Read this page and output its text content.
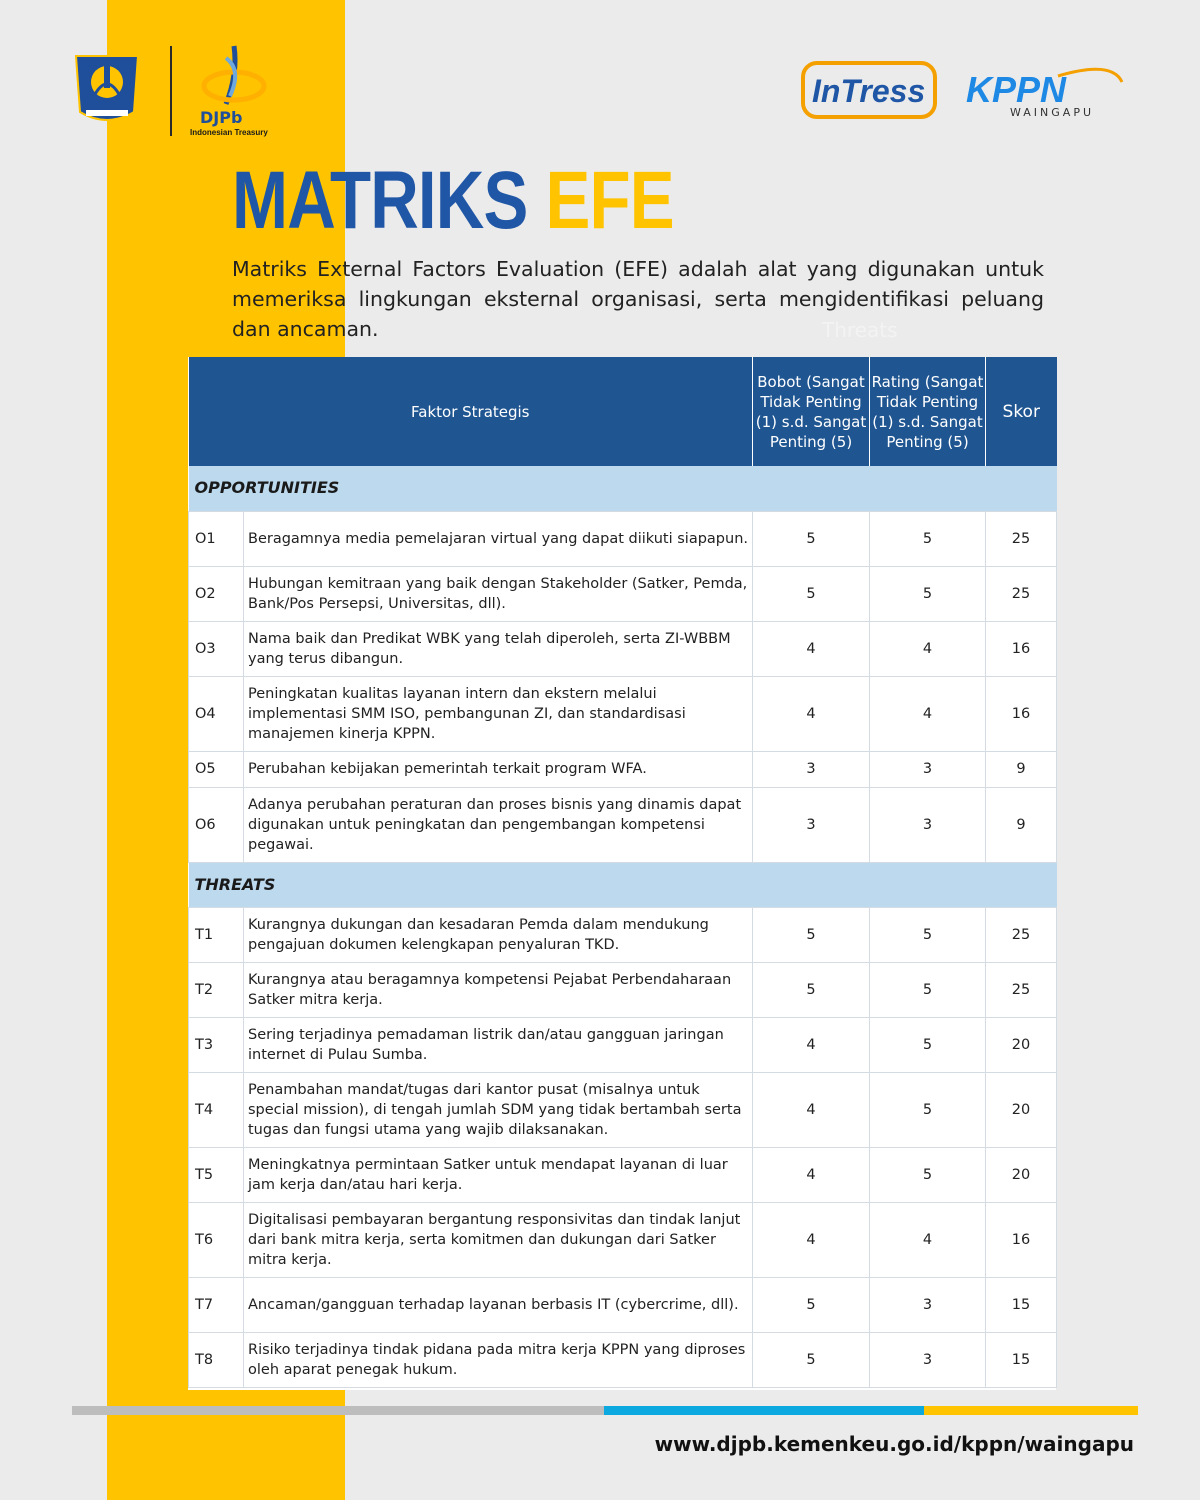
DJPb
Indonesian Treasury
InTress KPPN
WAINGAPU
MATRIKS EFE
Matriks External Factors Evaluation (EFE) adalah alat yang digunakan untuk memeriksa lingkungan eksternal organisasi, serta mengidentifikasi peluang dan ancaman.	Threats
Faktor Strategis		Bobot (Sangat Tidak Penting (1) s.d. Sangat Penting (5)	Rating (Sangat Tidak Penting (1) s.d. Sangat Penting (5)	Skor
OPPORTUNITIES				
O1	Beragamnya media pemelajaran virtual yang dapat diikuti siapapun.	5	5	25
O2	Hubungan kemitraan yang baik dengan Stakeholder (Satker, Pemda, Bank/Pos Persepsi, Universitas, dll).	5	5	25
O3	Nama baik dan Predikat WBK yang telah diperoleh, serta ZI-WBBM yang terus dibangun.	4	4	16
O4	Peningkatan kualitas layanan intern dan ekstern melalui implementasi SMM ISO, pembangunan ZI, dan standardisasi manajemen kinerja KPPN.	4	4	16
O5	Perubahan kebijakan pemerintah terkait program WFA.	3	3	9
O6	Adanya perubahan peraturan dan proses bisnis yang dinamis dapat digunakan untuk peningkatan dan pengembangan kompetensi pegawai.	3	3	9
THREATS				
T1	Kurangnya dukungan dan kesadaran Pemda dalam mendukung pengajuan dokumen kelengkapan penyaluran TKD.	5	5	25
T2	Kurangnya atau beragamnya kompetensi Pejabat Perbendaharaan Satker mitra kerja.	5	5	25
T3	Sering terjadinya pemadaman listrik dan/atau gangguan jaringan internet di Pulau Sumba.	4	5	20
T4	Penambahan mandat/tugas dari kantor pusat (misalnya untuk special mission), di tengah jumlah SDM yang tidak bertambah serta tugas dan fungsi utama yang wajib dilaksanakan.	4	5	20
T5	Meningkatnya permintaan Satker untuk mendapat layanan di luar jam kerja dan/atau hari kerja.	4	5	20
T6	Digitalisasi pembayaran bergantung responsivitas dan tindak lanjut dari bank mitra kerja, serta komitmen dan dukungan dari Satker mitra kerja.	4	4	16
T7	Ancaman/gangguan terhadap layanan berbasis IT (cybercrime, dll).	5	3	15
T8	Risiko terjadinya tindak pidana pada mitra kerja KPPN yang diproses oleh aparat penegak hukum.	5	3	15
www.djpb.kemenkeu.go.id/kppn/waingapu
